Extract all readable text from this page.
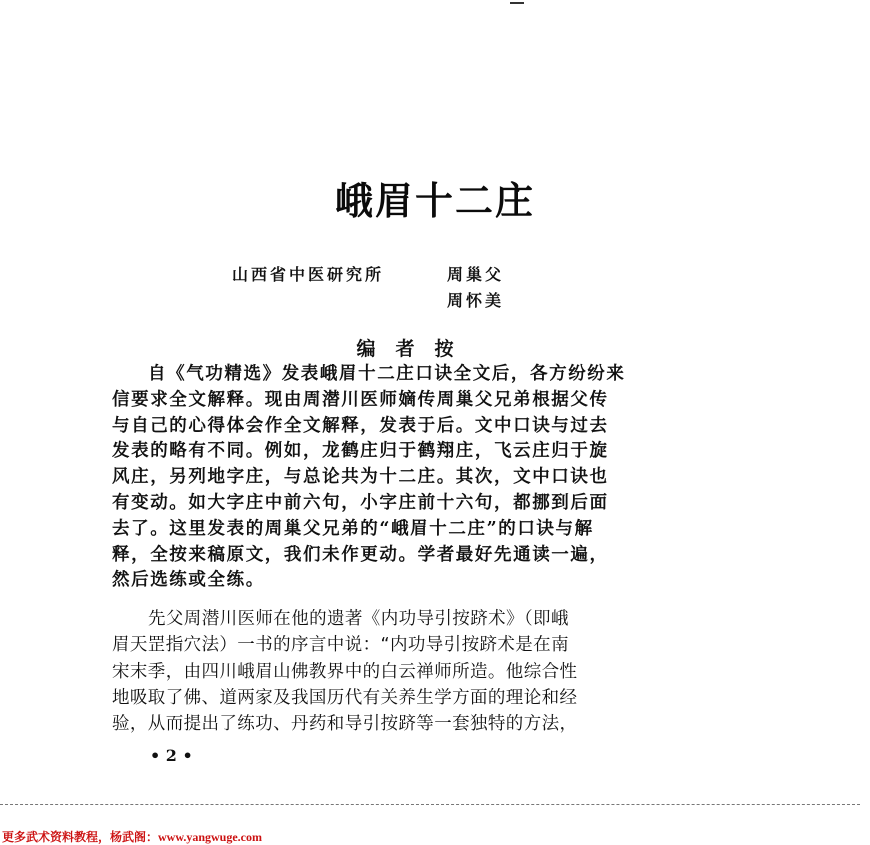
峨眉十二庄
山西省中医研究所	周巢父
周怀美
编者按
自《气功精选》发表峨眉十二庄口诀全文后，各方纷纷来
信要求全文解释。现由周潜川医师嫡传周巢父兄弟根据父传
与自己的心得体会作全文解释，发表于后。文中口诀与过去
发表的略有不同。例如，龙鹤庄归于鹤翔庄，飞云庄归于旋
风庄，另列地字庄，与总论共为十二庄。其次，文中口诀也
有变动。如大字庄中前六句，小字庄前十六句，都挪到后面
去了。这里发表的周巢父兄弟的“峨眉十二庄”的口诀与解
释，全按来稿原文，我们未作更动。学者最好先通读一遍，
然后选练或全练。
先父周潜川医师在他的遗著《内功导引按跻术》（即峨
眉天罡指穴法）一书的序言中说：“内功导引按跻术是在南
宋末季，由四川峨眉山佛教界中的白云禅师所造。他综合性
地吸取了佛、道两家及我国历代有关养生学方面的理论和经
验，从而提出了练功、丹药和导引按跻等一套独特的方法，
• 2 •
更多武术资料教程，杨武阁：www.yangwuge.com
